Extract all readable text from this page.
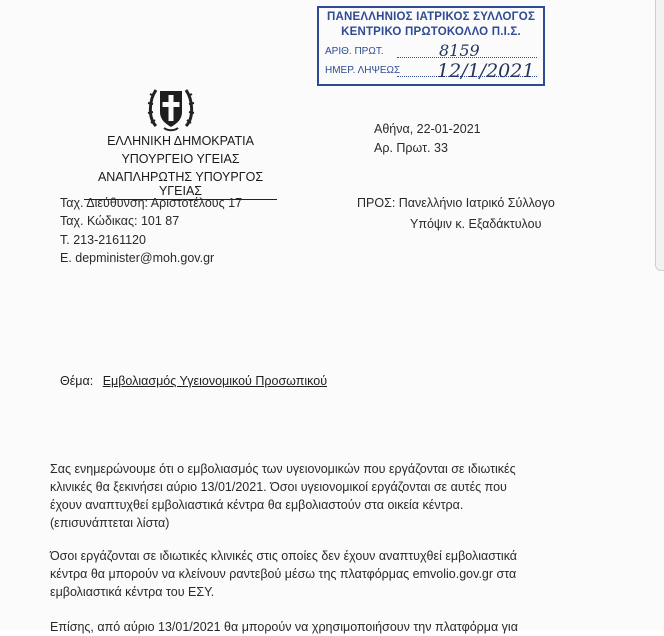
ΠΑΝΕΛΛΗΝΙΟΣ ΙΑΤΡΙΚΟΣ ΣΥΛΛΟΓΟΣ
ΚΕΝΤΡΙΚΟ ΠΡΩΤΟΚΟΛΛΟ Π.Ι.Σ.
ΑΡΙΘ. ΠΡΩΤ.	8159
ΗΜΕΡ. ΛΗΨΕΩΣ 12/1/2021
ΕΛΛΗΝΙΚΗ ΔΗΜΟΚΡΑΤΙΑ
ΥΠΟΥΡΓΕΙΟ ΥΓΕΙΑΣ
ΑΝΑΠΛΗΡΩΤΗΣ ΥΠΟΥΡΓΟΣ ΥΓΕΙΑΣ
Ταχ. Διεύθυνση: Αριστοτέλους 17
Ταχ. Κώδικας: 101 87
Τ. 213-2161120
E. depminister@moh.gov.gr
Αθήνα, 22-01-2021
Αρ. Πρωτ. 33
ΠΡΟΣ: Πανελλήνιο Ιατρικό Σύλλογο
Υπόψιν κ. Εξαδάκτυλου
Θέμα: Εμβολιασμός Υγειονομικού Προσωπικού
Σας ενημερώνουμε ότι ο εμβολιασμός των υγειονομικών που εργάζονται σε ιδιωτικές
κλινικές θα ξεκινήσει αύριο 13/01/2021. Όσοι υγειονομικοί εργάζονται σε αυτές που
έχουν αναπτυχθεί εμβολιαστικά κέντρα θα εμβολιαστούν στα οικεία κέντρα.
(επισυνάπτεται λίστα)
Όσοι εργάζονται σε ιδιωτικές κλινικές στις οποίες δεν έχουν αναπτυχθεί εμβολιαστικά
κέντρα θα μπορούν να κλείνουν ραντεβού μέσω της πλατφόρμας emvolio.gov.gr στα
εμβολιαστικά κέντρα του ΕΣΥ.
Επίσης, από αύριο 13/01/2021 θα μπορούν να χρησιμοποιήσουν την πλατφόρμα για
